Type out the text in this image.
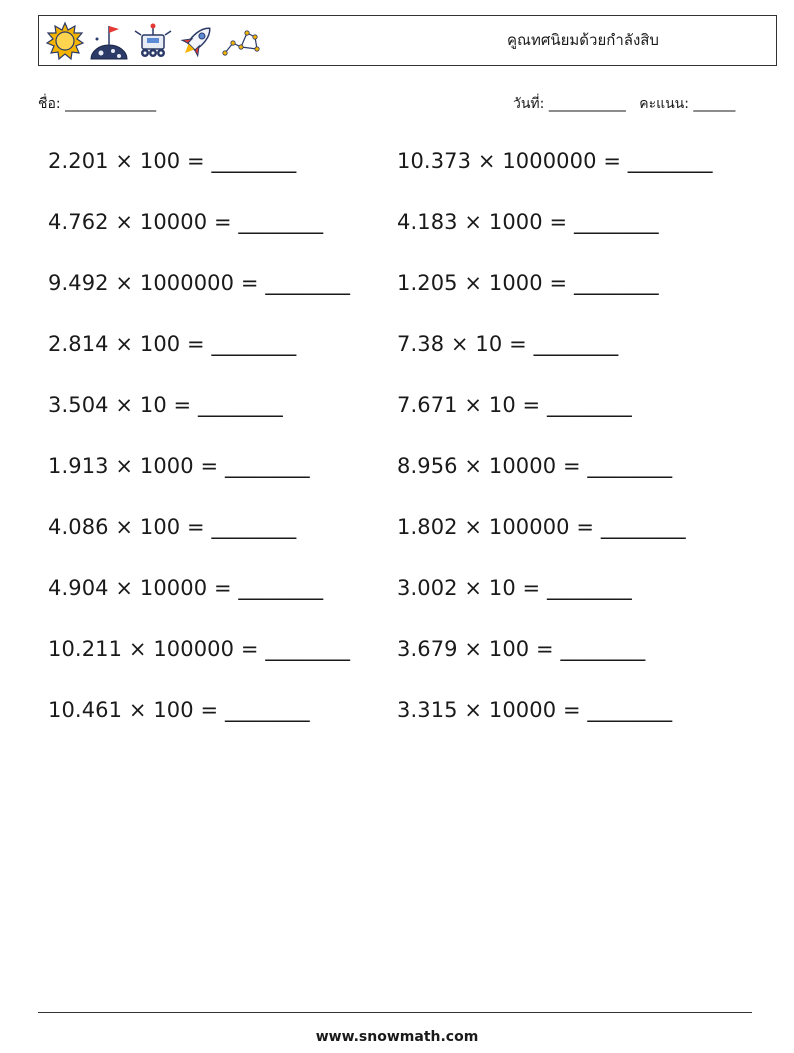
คูณทศนิยมด้วยกำลังสิบ
ชื่อ: _____________	วันที่: ___________ คะแนน: ______
2.201 × 100 = ________
4.762 × 10000 = ________
9.492 × 1000000 = ________
2.814 × 100 = ________
3.504 × 10 = ________
1.913 × 1000 = ________
4.086 × 100 = ________
4.904 × 10000 = ________
10.211 × 100000 = ________
10.461 × 100 = ________
10.373 × 1000000 = ________
4.183 × 1000 = ________
1.205 × 1000 = ________
7.38 × 10 = ________
7.671 × 10 = ________
8.956 × 10000 = ________
1.802 × 100000 = ________
3.002 × 10 = ________
3.679 × 100 = ________
3.315 × 10000 = ________
www.snowmath.com
